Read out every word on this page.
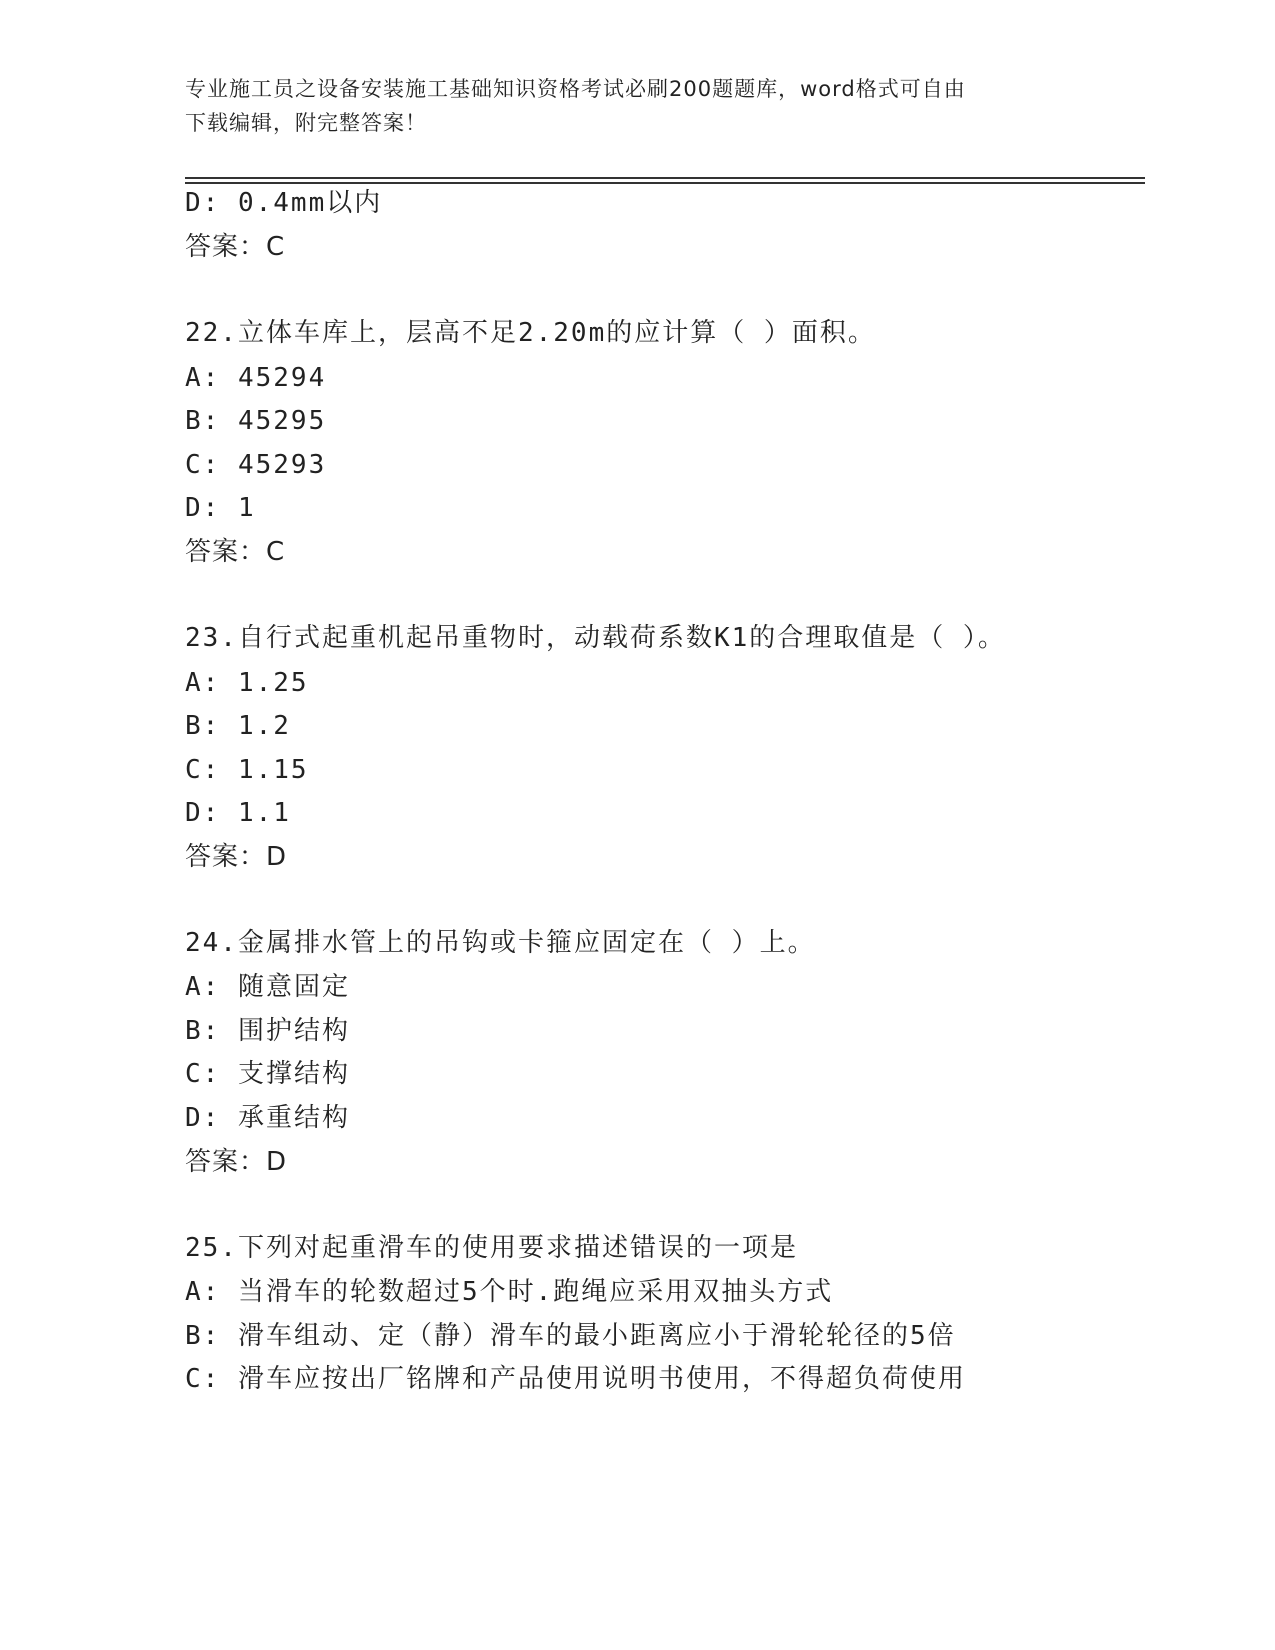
专业施工员之设备安装施工基础知识资格考试必刷200题题库，word格式可自由
下载编辑，附完整答案！
D: 0.4mm以内
答案：C
22.立体车库上，层高不足2.20m的应计算（ ）面积。
A: 45294
B: 45295
C: 45293
D: 1
答案：C
23.自行式起重机起吊重物时，动载荷系数K1的合理取值是（ ）。
A: 1.25
B: 1.2
C: 1.15
D: 1.1
答案：D
24.金属排水管上的吊钩或卡箍应固定在（ ）上。
A: 随意固定
B: 围护结构
C: 支撑结构
D: 承重结构
答案：D
25.下列对起重滑车的使用要求描述错误的一项是
A: 当滑车的轮数超过5个时.跑绳应采用双抽头方式
B: 滑车组动、定（静）滑车的最小距离应小于滑轮轮径的5倍
C: 滑车应按出厂铭牌和产品使用说明书使用，不得超负荷使用
